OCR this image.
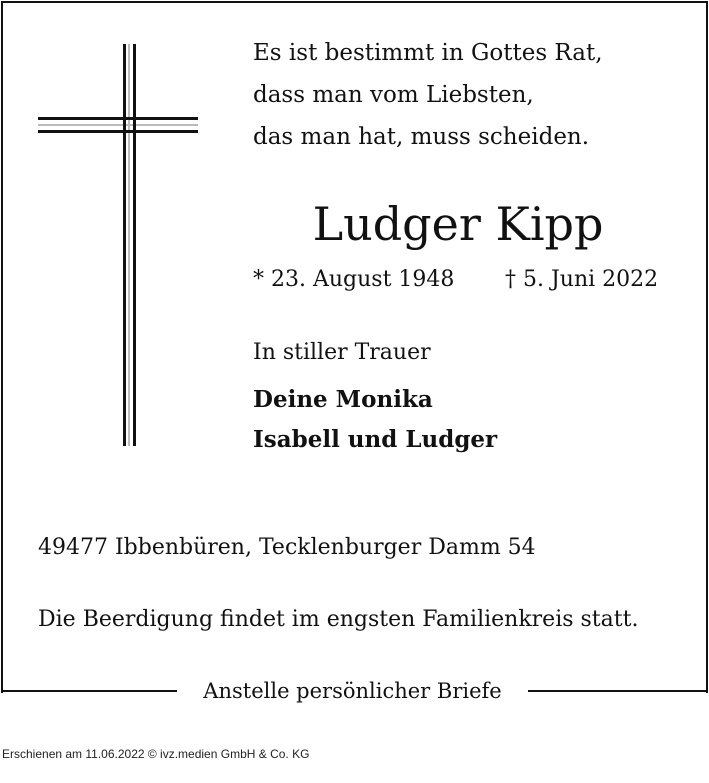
Anstelle persönlicher Briefe
Es ist bestimmt in Gottes Rat,
dass man vom Liebsten,
das man hat, muss scheiden.
Ludger Kipp
* 23. August 1948 † 5. Juni 2022
In stiller Trauer
Deine Monika
Isabell und Ludger
49477 Ibbenbüren, Tecklenburger Damm 54
Die Beerdigung findet im engsten Familienkreis statt.
Erschienen am 11.06.2022 © ivz.medien GmbH & Co. KG
